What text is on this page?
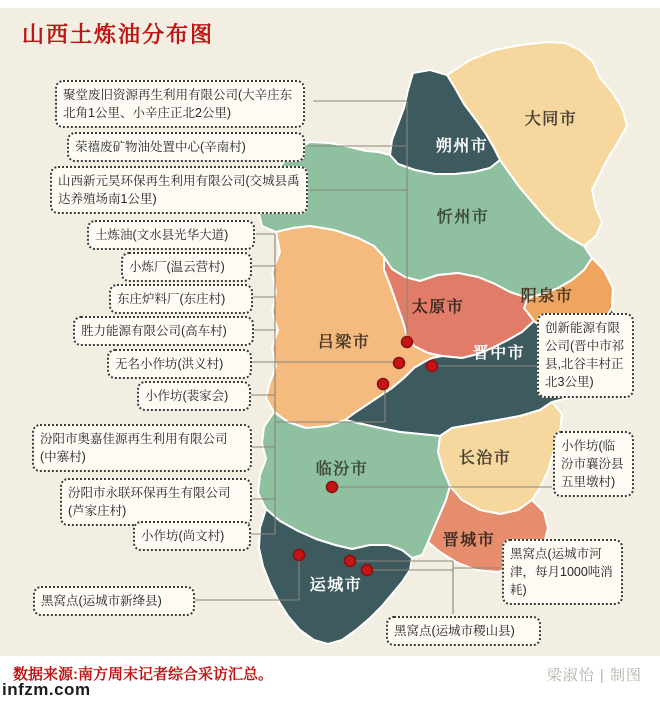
山西土炼油分布图
大同市
朔州市
忻州市
阳泉市
太原市
吕梁市
晋中市
长治市
临汾市
晋城市
运城市
聚堂废旧资源再生利用有限公司(大辛庄东北角1公里、小辛庄正北2公里)
荣禧废矿物油处置中心(辛南村)
山西新元昊环保再生利用有限公司(交城县禹达养殖场南1公里)
土炼油(文水县光华大道)
小炼厂(温云营村)
东庄炉料厂(东庄村)
胜力能源有限公司(高车村)
无名小作坊(洪义村)
小作坊(裴家会)
汾阳市奥嘉佳源再生利用有限公司(中寨村)
汾阳市永联环保再生有限公司(芦家庄村)
小作坊(尚文村)
黑窝点(运城市新绛县)
创新能源有限公司(晋中市祁县,北谷丰村正北3公里)
小作坊(临汾市襄汾县五里墩村)
黑窝点(运城市河津，每月1000吨消耗)
黑窝点(运城市稷山县)
数据来源:南方周末记者综合采访汇总。
infzm.com
梁淑怡 | 制图
